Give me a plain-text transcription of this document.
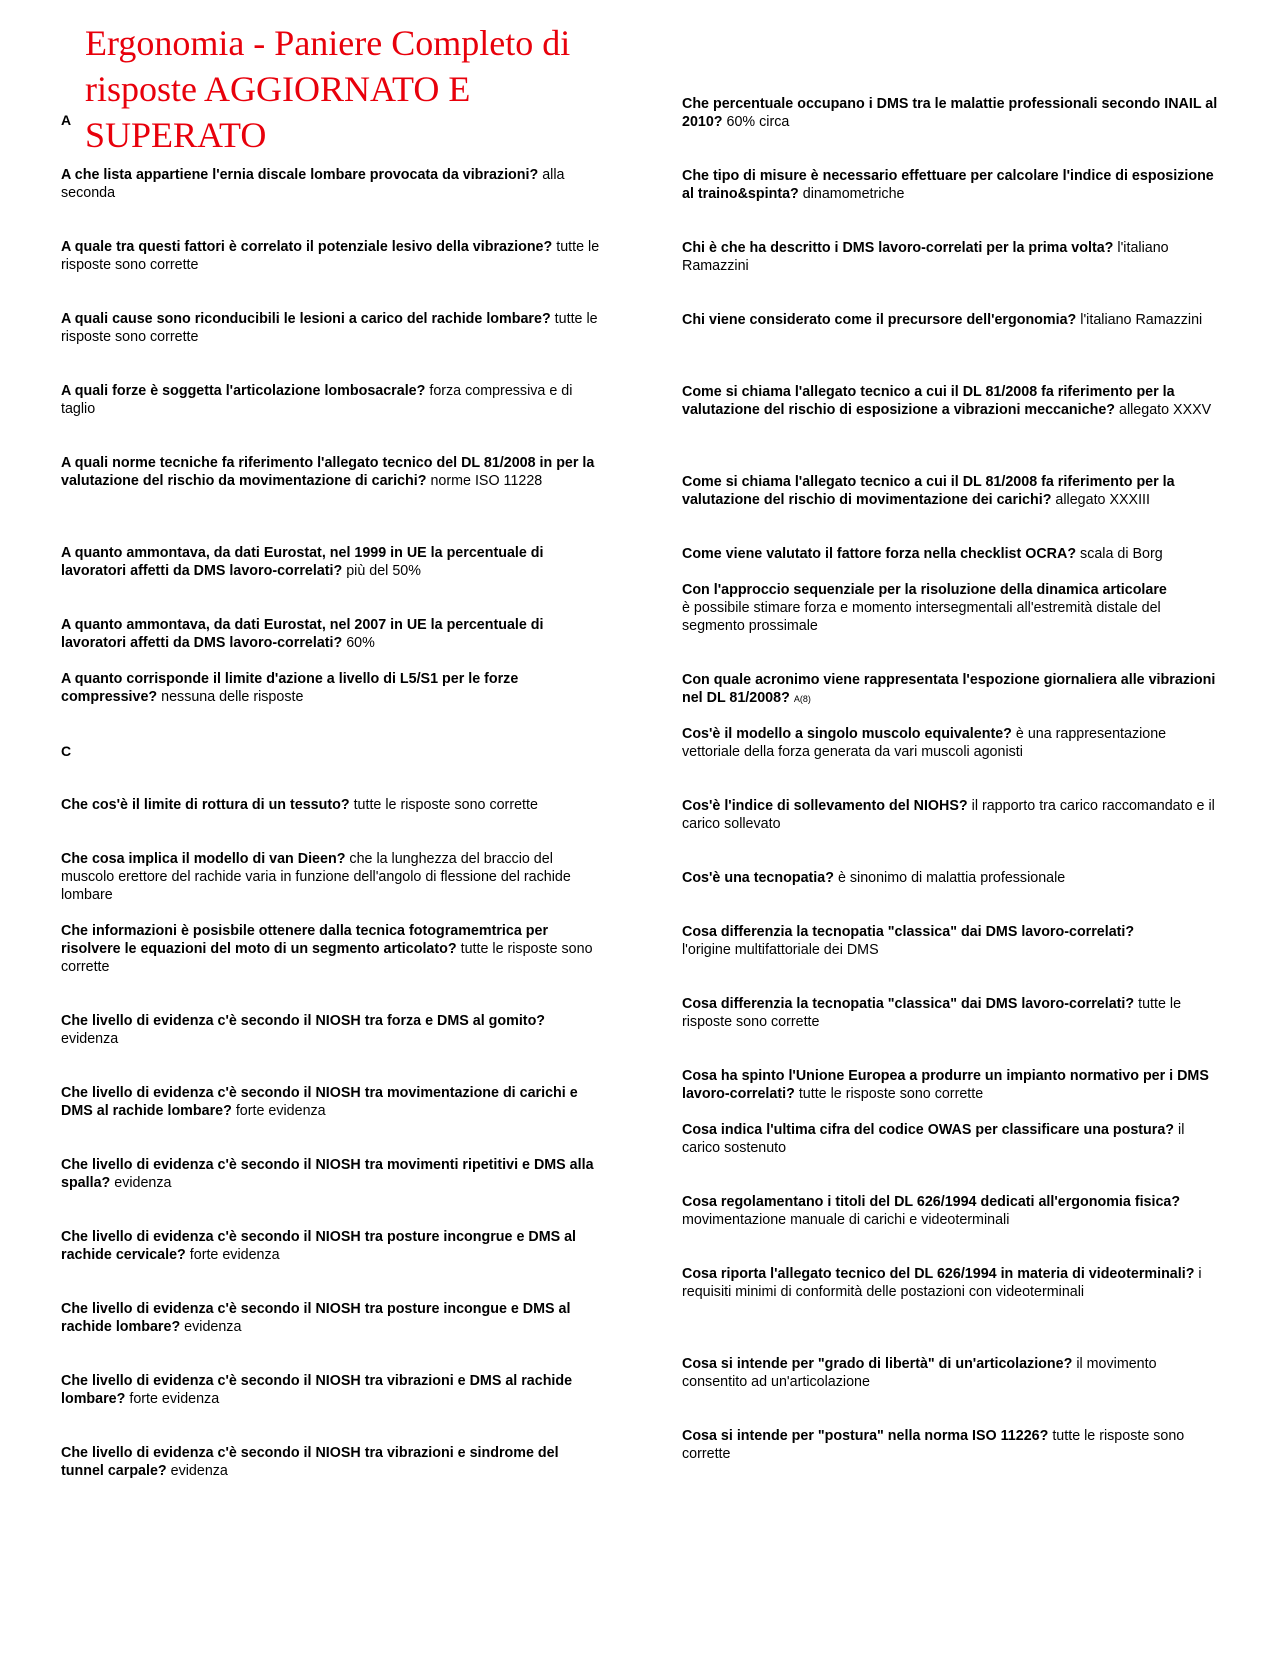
Ergonomia - Paniere Completo di risposte AGGIORNATO E SUPERATO
A

A che lista appartiene l'ernia discale lombare provocata da vibrazioni? alla seconda

A quale tra questi fattori è correlato il potenziale lesivo della vibrazione? tutte le risposte sono corrette

A quali cause sono riconducibili le lesioni a carico del rachide lombare? tutte le risposte sono corrette

A quali forze è soggetta l'articolazione lombosacrale? forza compressiva e di taglio

A quali norme tecniche fa riferimento l'allegato tecnico del DL 81/2008 in per la valutazione del rischio da movimentazione di carichi? norme ISO 11228

A quanto ammontava, da dati Eurostat, nel 1999 in UE la percentuale di lavoratori affetti da DMS lavoro-correlati? più del 50%

A quanto ammontava, da dati Eurostat, nel 2007 in UE la percentuale di lavoratori affetti da DMS lavoro-correlati? 60%

A quanto corrisponde il limite d'azione a livello di L5/S1 per le forze compressive? nessuna delle risposte

C

Che cos'è il limite di rottura di un tessuto? tutte le risposte sono corrette

Che cosa implica il modello di van Dieen? che la lunghezza del braccio del muscolo erettore del rachide varia in funzione dell'angolo di flessione del rachide lombare

Che informazioni è posisbile ottenere dalla tecnica fotogramemtrica per risolvere le equazioni del moto di un segmento articolato? tutte le risposte sono corrette

Che livello di evidenza c'è secondo il NIOSH tra forza e DMS al gomito? evidenza

Che livello di evidenza c'è secondo il NIOSH tra movimentazione di carichi e DMS al rachide lombare? forte evidenza

Che livello di evidenza c'è secondo il NIOSH tra movimenti ripetitivi e DMS alla spalla? evidenza

Che livello di evidenza c'è secondo il NIOSH tra posture incongrue e DMS al rachide cervicale? forte evidenza

Che livello di evidenza c'è secondo il NIOSH tra posture incongue e DMS al rachide lombare? evidenza

Che livello di evidenza c'è secondo il NIOSH tra vibrazioni e DMS al rachide lombare? forte evidenza

Che livello di evidenza c'è secondo il NIOSH tra vibrazioni e sindrome del tunnel carpale? evidenza

Che percentuale occupano i DMS tra le malattie professionali secondo INAIL al 2010? 60% circa

Che tipo di misure è necessario effettuare per calcolare l'indice di esposizione al traino&spinta? dinamometriche

Chi è che ha descritto i DMS lavoro-correlati per la prima volta? l'italiano Ramazzini

Chi viene considerato come il precursore dell'ergonomia? l'italiano Ramazzini

Come si chiama l'allegato tecnico a cui il DL 81/2008 fa riferimento per la valutazione del rischio di esposizione a vibrazioni meccaniche? allegato XXXV

Come si chiama l'allegato tecnico a cui il DL 81/2008 fa riferimento per la valutazione del rischio di movimentazione dei carichi? allegato XXXIII

Come viene valutato il fattore forza nella checklist OCRA? scala di Borg

Con l'approccio sequenziale per la risoluzione della dinamica articolare
è possibile stimare forza e momento intersegmentali all'estremità distale del segmento prossimale

Con quale acronimo viene rappresentata l'espozione giornaliera alle vibrazioni nel DL 81/2008? A(8)

Cos'è il modello a singolo muscolo equivalente? è una rappresentazione vettoriale della forza generata da vari muscoli agonisti

Cos'è l'indice di sollevamento del NIOHS? il rapporto tra carico raccomandato e il carico sollevato

Cos'è una tecnopatia? è sinonimo di malattia professionale

Cosa differenzia la tecnopatia "classica" dai DMS lavoro-correlati?
l'origine multifattoriale dei DMS

Cosa differenzia la tecnopatia "classica" dai DMS lavoro-correlati? tutte le risposte sono corrette

Cosa ha spinto l'Unione Europea a produrre un impianto normativo per i DMS lavoro-correlati? tutte le risposte sono corrette

Cosa indica l'ultima cifra del codice OWAS per classificare una postura? il carico sostenuto

Cosa regolamentano i titoli del DL 626/1994 dedicati all'ergonomia fisica? movimentazione manuale di carichi e videoterminali

Cosa riporta l'allegato tecnico del DL 626/1994 in materia di videoterminali? i requisiti minimi di conformità delle postazioni con videoterminali

Cosa si intende per "grado di libertà" di un'articolazione? il movimento consentito ad un'articolazione

Cosa si intende per "postura" nella norma ISO 11226? tutte le risposte sono corrette
